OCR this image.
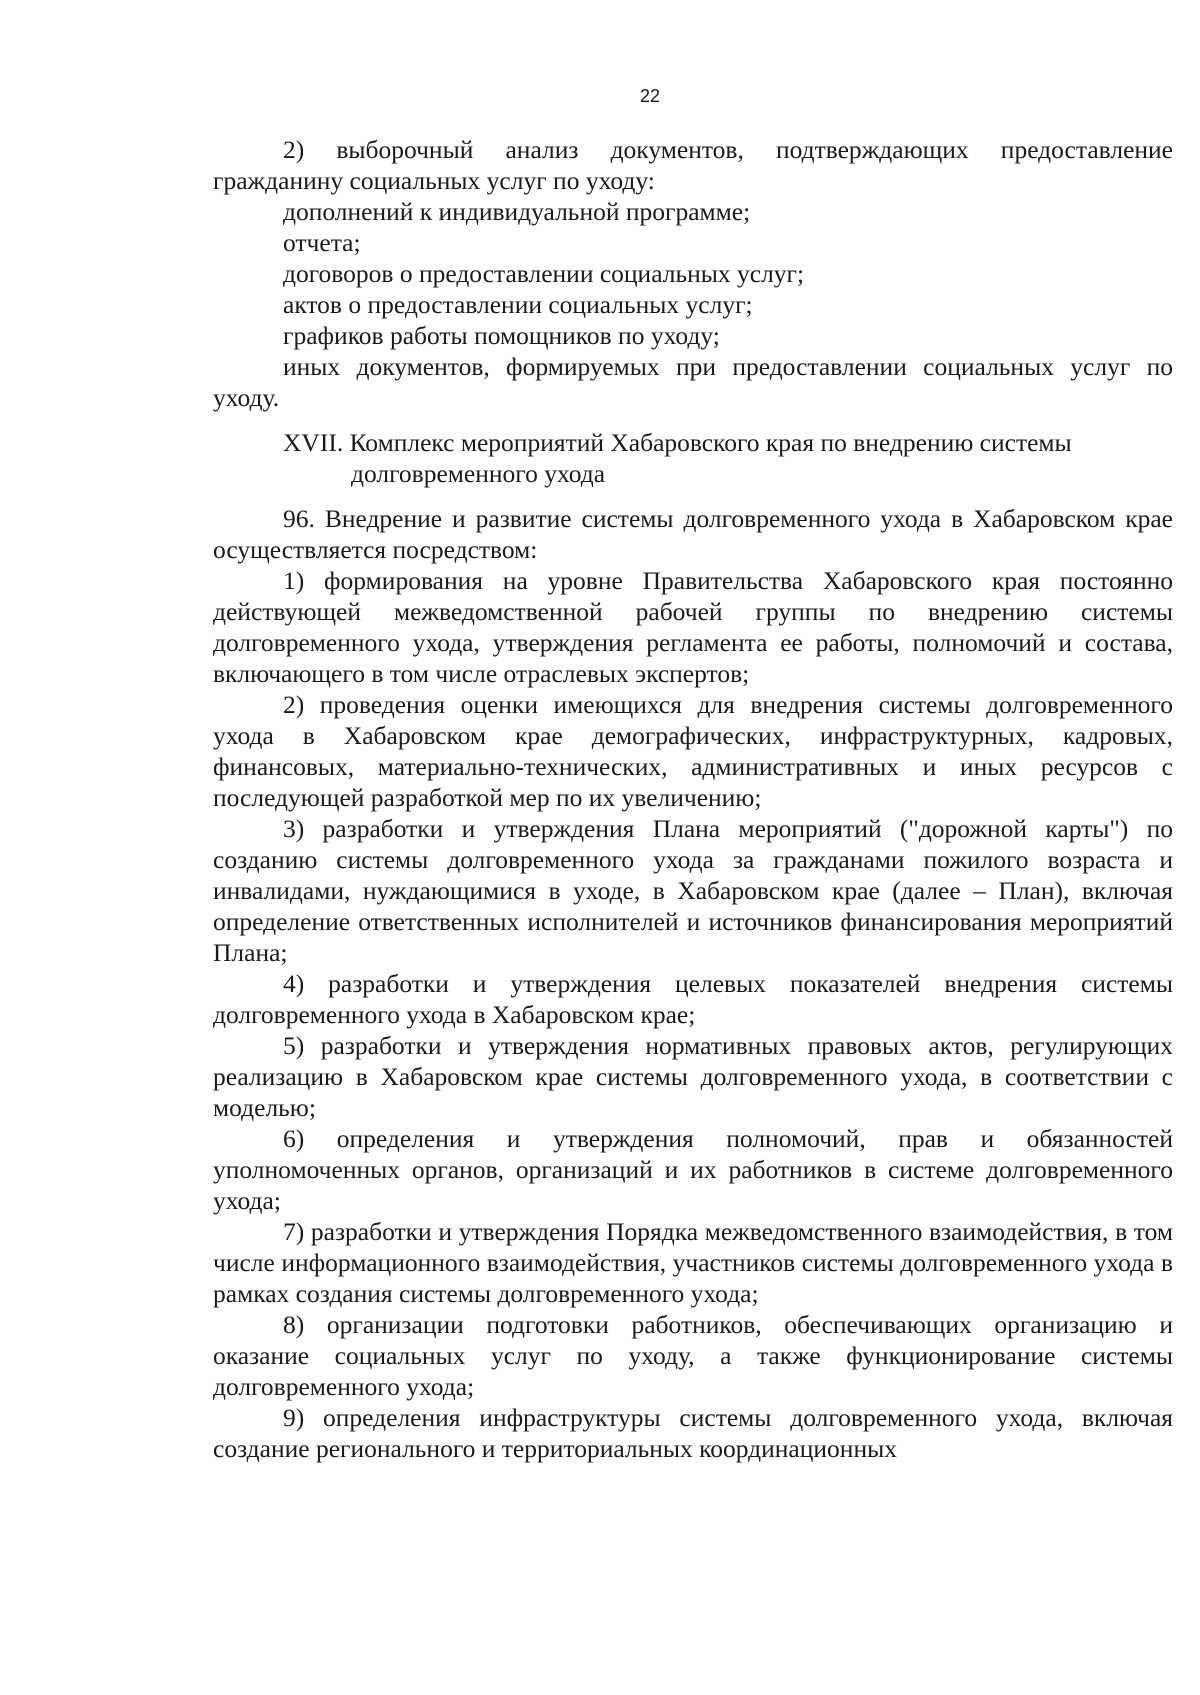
22

2) выборочный анализ документов, подтверждающих предоставление гражданину социальных услуг по уходу:

дополнений к индивидуальной программе;

отчета;

договоров о предоставлении социальных услуг;

актов о предоставлении социальных услуг;

графиков работы помощников по уходу;

иных документов, формируемых при предоставлении социальных услуг по уходу.

XVII. Комплекс мероприятий Хабаровского края по внедрению системы
долговременного ухода

96. Внедрение и развитие системы долговременного ухода в Хабаровском крае осуществляется посредством:

1) формирования на уровне Правительства Хабаровского края постоянно действующей межведомственной рабочей группы по внедрению системы долговременного ухода, утверждения регламента ее работы, полномочий и состава, включающего в том числе отраслевых экспертов;

2) проведения оценки имеющихся для внедрения системы долговременного ухода в Хабаровском крае демографических, инфраструктурных, кадровых, финансовых, материально-технических, административных и иных ресурсов с последующей разработкой мер по их увеличению;

3) разработки и утверждения Плана мероприятий ("дорожной карты") по созданию системы долговременного ухода за гражданами пожилого возраста и инвалидами, нуждающимися в уходе, в Хабаровском крае (далее – План), включая определение ответственных исполнителей и источников финансирования мероприятий Плана;

4) разработки и утверждения целевых показателей внедрения системы долговременного ухода в Хабаровском крае;

5) разработки и утверждения нормативных правовых актов, регулирующих реализацию в Хабаровском крае системы долговременного ухода, в соответствии с моделью;

6) определения и утверждения полномочий, прав и обязанностей уполномоченных органов, организаций и их работников в системе долговременного ухода;

7) разработки и утверждения Порядка межведомственного взаимодействия, в том числе информационного взаимодействия, участников системы долговременного ухода в рамках создания системы долговременного ухода;

8) организации подготовки работников, обеспечивающих организацию и оказание социальных услуг по уходу, а также функционирование системы долговременного ухода;

9) определения инфраструктуры системы долговременного ухода, включая создание регионального и территориальных координационных
